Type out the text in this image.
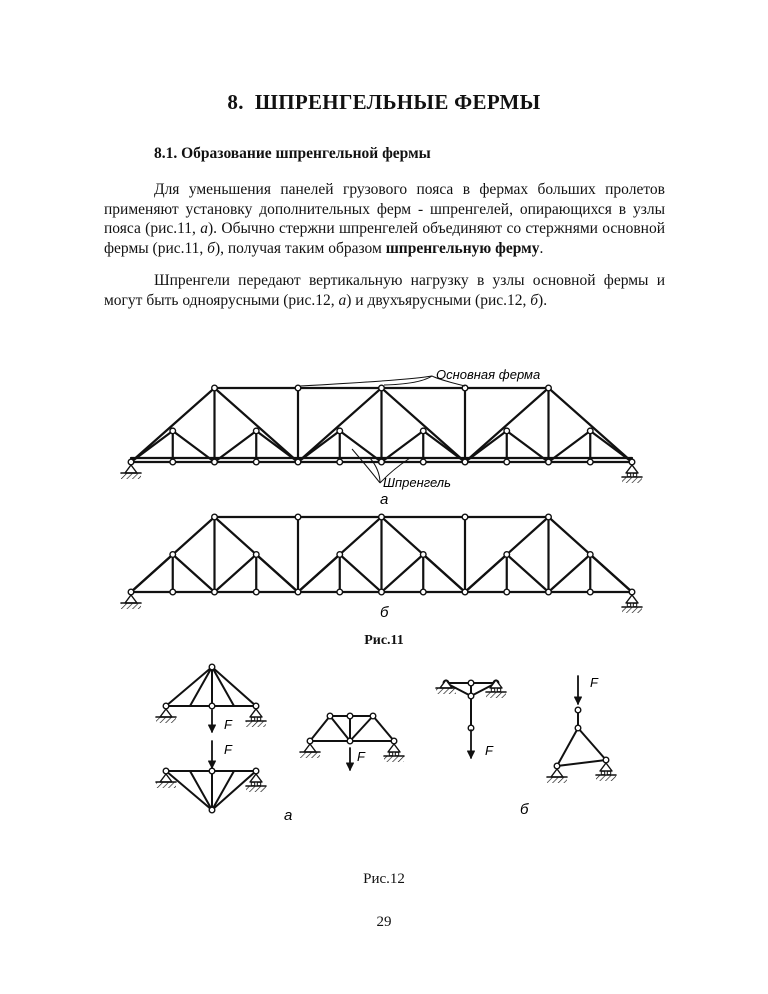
8. ШПРЕНГЕЛЬНЫЕ ФЕРМЫ
8.1. Образование шпренгельной фермы

Для уменьшения панелей грузового пояса в фермах больших пролетов применяют установку дополнительных ферм - шпренгелей, опирающихся в узлы пояса (рис.11, а). Обычно стержни шпренгелей объединяют со стержнями основной фермы (рис.11, б), получая таким образом шпренгельную ферму.

Шпренгели передают вертикальную нагрузку в узлы основной фермы и могут быть одноярусными (рис.12, а) и двухъярусными (рис.12, б).

Основная ферма
Шпренгель
а
б
F
F	F	F
F
а	б
Рис.11
Рис.12
29
